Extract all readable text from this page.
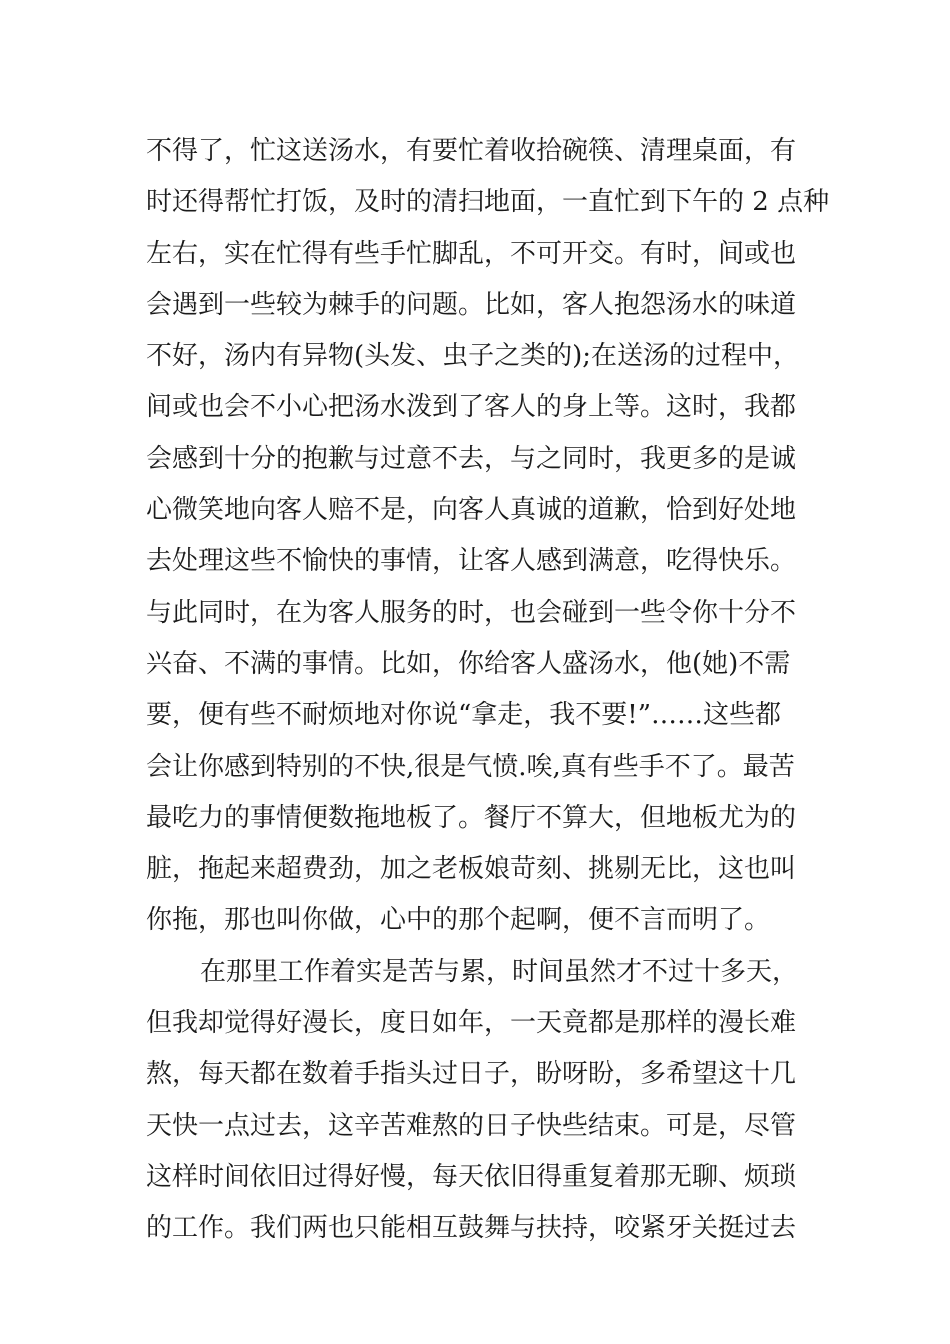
不得了，忙这送汤水，有要忙着收拾碗筷、清理桌面，有
时还得帮忙打饭，及时的清扫地面，一直忙到下午的 2 点种
左右，实在忙得有些手忙脚乱，不可开交。有时，间或也
会遇到一些较为棘手的问题。比如，客人抱怨汤水的味道
不好，汤内有异物(头发、虫子之类的);在送汤的过程中，
间或也会不小心把汤水泼到了客人的身上等。这时，我都
会感到十分的抱歉与过意不去，与之同时，我更多的是诚
心微笑地向客人赔不是，向客人真诚的道歉，恰到好处地
去处理这些不愉快的事情，让客人感到满意，吃得快乐。
与此同时，在为客人服务的时，也会碰到一些令你十分不
兴奋、不满的事情。比如，你给客人盛汤水，他(她)不需
要，便有些不耐烦地对你说“拿走，我不要!”……这些都
会让你感到特别的不快,很是气愤.唉,真有些手不了。最苦
最吃力的事情便数拖地板了。餐厅不算大，但地板尤为的
脏，拖起来超费劲，加之老板娘苛刻、挑剔无比，这也叫
你拖，那也叫你做，心中的那个起啊，便不言而明了。
在那里工作着实是苦与累，时间虽然才不过十多天，
但我却觉得好漫长，度日如年，一天竟都是那样的漫长难
熬，每天都在数着手指头过日子，盼呀盼，多希望这十几
天快一点过去，这辛苦难熬的日子快些结束。可是，尽管
这样时间依旧过得好慢，每天依旧得重复着那无聊、烦琐
的工作。我们两也只能相互鼓舞与扶持，咬紧牙关挺过去
